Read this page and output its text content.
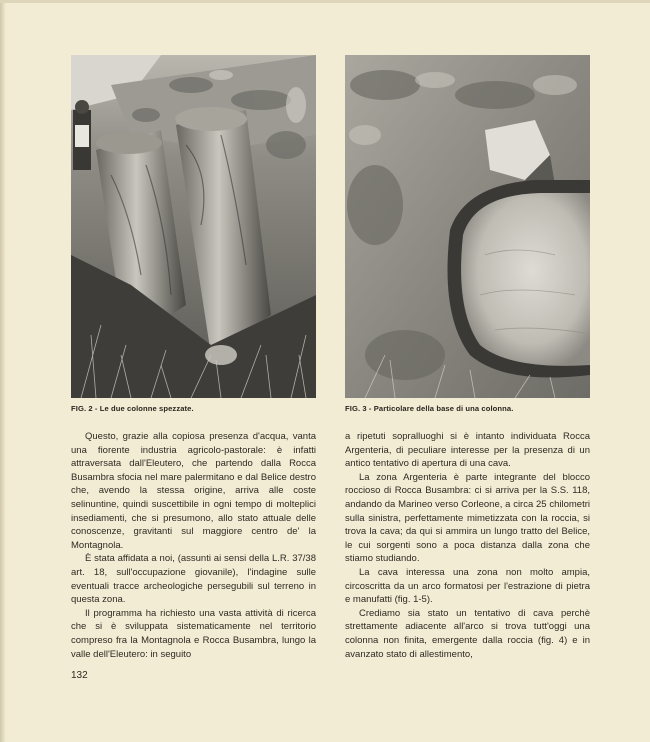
FIG. 2 - Le due colonne spezzate.	FIG. 3 - Particolare della base di una colonna.

Questo, grazie alla copiosa presenza d'acqua, vanta una fiorente industria agricolo-pastorale: è infatti attraversata dall'Eleutero, che partendo dalla Rocca Busambra sfocia nel mare palermitano e dal Belice destro che, avendo la stessa origine, arriva alle coste selinuntine, quindi suscettibile in ogni tempo di molteplici insediamenti, che si presumono, allo stato attuale delle conoscenze, gravitanti sul maggiore centro de' la Montagnola.

È stata affidata a noi, (assunti ai sensi della L.R. 37/38 art. 18, sull'occupazione giovanile), l'indagine sulle eventuali tracce archeologiche persegubili sul terreno in questa zona.

Il programma ha richiesto una vasta attività di ricerca che si è sviluppata sistematicamente nel territorio compreso fra la Montagnola e Rocca Busambra, lungo la valle dell'Eleutero: in seguito

a ripetuti sopralluoghi si è intanto individuata Rocca Argenteria, di peculiare interesse per la presenza di un antico tentativo di apertura di una cava.

La zona Argenteria è parte integrante del blocco roccioso di Rocca Busambra: ci si arriva per la S.S. 118, andando da Marineo verso Corleone, a circa 25 chilometri sulla sinistra, perfettamente mimetizzata con la roccia, si trova la cava; da qui si ammira un lungo tratto del Belice, le cui sorgenti sono a poca distanza dalla zona che stiamo studiando.

La cava interessa una zona non molto ampia, circoscritta da un arco formatosi per l'estrazione di pietra e manufatti (fig. 1-5).

Crediamo sia stato un tentativo di cava perchè strettamente adiacente all'arco si trova tutt'oggi una colonna non finita, emergente dalla roccia (fig. 4) e in avanzato stato di allestimento,

132
